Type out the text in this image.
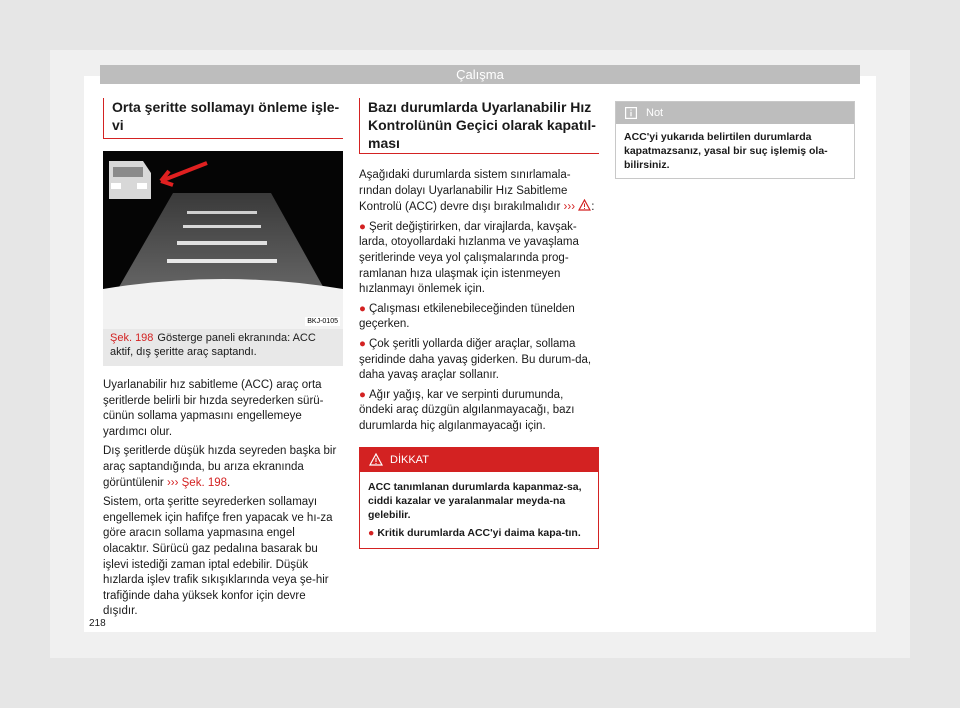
Çalışma
Orta şeritte sollamayı önleme işle-vi
BKJ-0105
Şek. 198 Gösterge paneli ekranında: ACC aktif, dış şeritte araç saptandı.

Uyarlanabilir hız sabitleme (ACC) araç orta şeritlerde belirli bir hızda seyrederken sürü-cünün sollama yapmasını engellemeye yardımcı olur.

Dış şeritlerde düşük hızda seyreden başka bir araç saptandığında, bu arıza ekranında görüntülenir ››› Şek. 198.

Sistem, orta şeritte seyrederken sollamayı engellemek için hafifçe fren yapacak ve hı-za göre aracın sollama yapmasına engel olacaktır. Sürücü gaz pedalına basarak bu işlevi istediği zaman iptal edebilir. Düşük hızlarda işlev trafik sıkışıklarında veya şe-hir trafiğinde daha yüksek konfor için devre dışıdır.

Bazı durumlarda Uyarlanabilir Hız Kontrolünün Geçici olarak kapatıl-ması

Aşağıdaki durumlarda sistem sınırlamala-rından dolayı Uyarlanabilir Hız Sabitleme Kontrolü (ACC) devre dışı bırakılmalıdır ››› :

● Şerit değiştirirken, dar virajlarda, kavşak-larda, otoyollardaki hızlanma ve yavaşlama şeritlerinde veya yol çalışmalarında prog-ramlanan hıza ulaşmak için istenmeyen hızlanmayı önlemek için.

● Çalışması etkilenebileceğinden tünelden geçerken.

● Çok şeritli yollarda diğer araçlar, sollama şeridinde daha yavaş giderken. Bu durum-da, daha yavaş araçlar sollanır.

● Ağır yağış, kar ve serpinti durumunda, öndeki araç düzgün algılanmayacağı, bazı durumlarda hiç algılanmayacağı için.

DİKKAT
ACC tanımlanan durumlarda kapanmaz-sa, ciddi kazalar ve yaralanmalar meyda-na gelebilir.
● Kritik durumlarda ACC'yi daima kapa-tın.
Not
ACC'yi yukarıda belirtilen durumlarda kapatmazsanız, yasal bir suç işlemiş ola-bilirsiniz.
218
